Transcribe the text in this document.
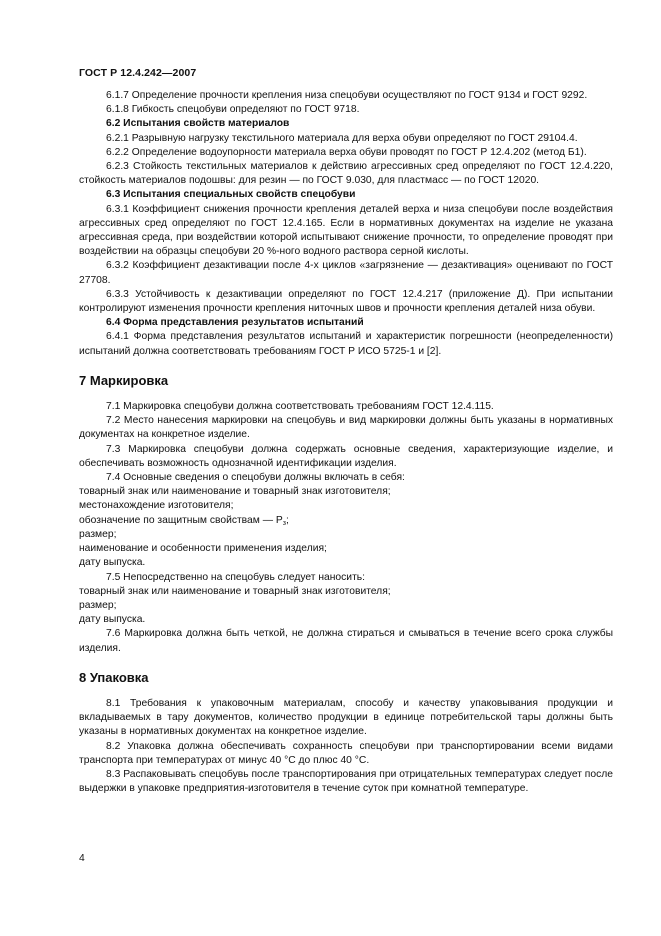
ГОСТ Р 12.4.242—2007

6.1.7 Определение прочности крепления низа спецобуви осуществляют по ГОСТ 9134 и ГОСТ 9292.

6.1.8 Гибкость спецобуви определяют по ГОСТ 9718.

6.2 Испытания свойств материалов

6.2.1 Разрывную нагрузку текстильного материала для верха обуви определяют по ГОСТ 29104.4.

6.2.2 Определение водоупорности материала верха обуви проводят по ГОСТ Р 12.4.202 (метод Б1).

6.2.3 Стойкость текстильных материалов к действию агрессивных сред определяют по ГОСТ 12.4.220, стойкость материалов подошвы: для резин — по ГОСТ 9.030, для пластмасс — по ГОСТ 12020.

6.3 Испытания специальных свойств спецобуви

6.3.1 Коэффициент снижения прочности крепления деталей верха и низа спецобуви после воздействия агрессивных сред определяют по ГОСТ 12.4.165. Если в нормативных документах на изделие не указана агрессивная среда, при воздействии которой испытывают снижение прочности, то определение проводят при воздействии на образцы спецобуви 20 %-ного водного раствора серной кислоты.

6.3.2 Коэффициент дезактивации после 4-х циклов «загрязнение — дезактивация» оценивают по ГОСТ 27708.

6.3.3 Устойчивость к дезактивации определяют по ГОСТ 12.4.217 (приложение Д). При испытании контролируют изменения прочности крепления ниточных швов и прочности крепления деталей низа обуви.

6.4 Форма представления результатов испытаний

6.4.1 Форма представления результатов испытаний и характеристик погрешности (неопределенности) испытаний должна соответствовать требованиям ГОСТ Р ИСО 5725-1 и [2].

7 Маркировка

7.1 Маркировка спецобуви должна соответствовать требованиям ГОСТ 12.4.115.

7.2 Место нанесения маркировки на спецобувь и вид маркировки должны быть указаны в нормативных документах на конкретное изделие.

7.3 Маркировка спецобуви должна содержать основные сведения, характеризующие изделие, и обеспечивать возможность однозначной идентификации изделия.

7.4 Основные сведения о спецобуви должны включать в себя:

товарный знак или наименование и товарный знак изготовителя;

местонахождение изготовителя;

обозначение по защитным свойствам — $Р_з$;

размер;

наименование и особенности применения изделия;

дату выпуска.

7.5 Непосредственно на спецобувь следует наносить:

товарный знак или наименование и товарный знак изготовителя;

размер;

дату выпуска.

7.6 Маркировка должна быть четкой, не должна стираться и смываться в течение всего срока службы изделия.

8 Упаковка

8.1 Требования к упаковочным материалам, способу и качеству упаковывания продукции и вкладываемых в тару документов, количество продукции в единице потребительской тары должны быть указаны в нормативных документах на конкретное изделие.

8.2 Упаковка должна обеспечивать сохранность спецобуви при транспортировании всеми видами транспорта при температурах от минус 40 °С до плюс 40 °С.

8.3 Распаковывать спецобувь после транспортирования при отрицательных температурах следует после выдержки в упаковке предприятия-изготовителя в течение суток при комнатной температуре.

4
